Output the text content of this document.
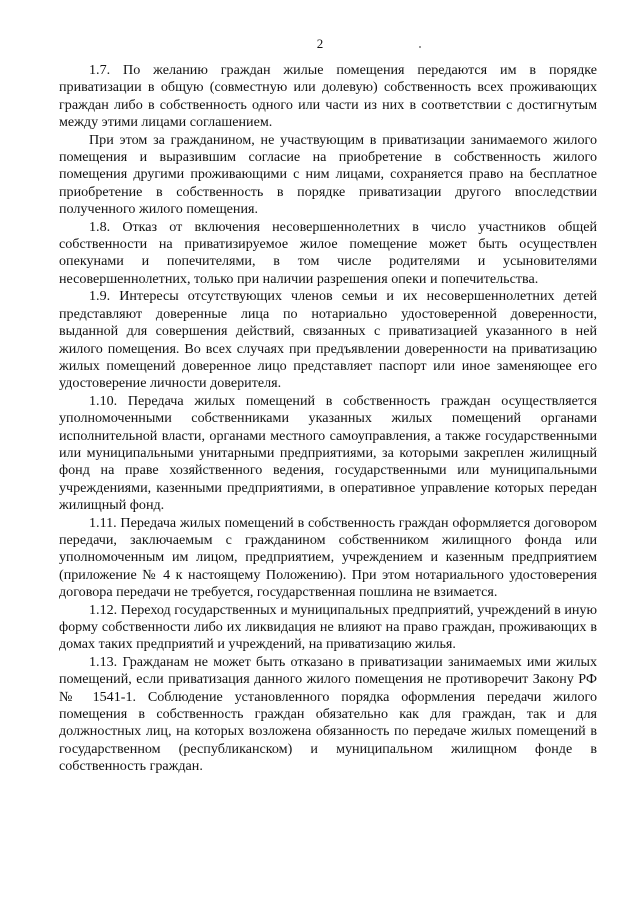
2

1.7. По желанию граждан жилые помещения передаются им в порядке приватизации в общую (совместную или долевую) собственность всех проживающих граждан либо в собственность одного или части из них в соответствии с достигнутым между этими лицами соглашением.

При этом за гражданином, не участвующим в приватизации занимаемого жилого помещения и выразившим согласие на приобретение в собственность жилого помещения другими проживающими с ним лицами, сохраняется право на бесплатное приобретение в собственность в порядке приватизации другого впоследствии полученного жилого помещения.

1.8. Отказ от включения несовершеннолетних в число участников общей собственности на приватизируемое жилое помещение может быть осуществлен опекунами и попечителями, в том числе родителями и усыновителями несовершеннолетних, только при наличии разрешения опеки и попечительства.

1.9. Интересы отсутствующих членов семьи и их несовершеннолетних детей представляют доверенные лица по нотариально удостоверенной доверенности, выданной для совершения действий, связанных с приватизацией указанного в ней жилого помещения. Во всех случаях при предъявлении доверенности на приватизацию жилых помещений доверенное лицо представляет паспорт или иное заменяющее его удостоверение личности доверителя.

1.10. Передача жилых помещений в собственность граждан осуществляется уполномоченными собственниками указанных жилых помещений органами исполнительной власти, органами местного самоуправления, а также государственными или муниципальными унитарными предприятиями, за которыми закреплен жилищный фонд на праве хозяйственного ведения, государственными или муниципальными учреждениями, казенными предприятиями, в оперативное управление которых передан жилищный фонд.

1.11. Передача жилых помещений в собственность граждан оформляется договором передачи, заключаемым с гражданином собственником жилищного фонда или уполномоченным им лицом, предприятием, учреждением и казенным предприятием (приложение № 4 к настоящему Положению). При этом нотариального удостоверения договора передачи не требуется, государственная пошлина не взимается.

1.12. Переход государственных и муниципальных предприятий, учреждений в иную форму собственности либо их ликвидация не влияют на право граждан, проживающих в домах таких предприятий и учреждений, на приватизацию жилья.

1.13. Гражданам не может быть отказано в приватизации занимаемых ими жилых помещений, если приватизация данного жилого помещения не противоречит Закону РФ № 1541-1. Соблюдение установленного порядка оформления передачи жилого помещения в собственность граждан обязательно как для граждан, так и для должностных лиц, на которых возложена обязанность по передаче жилых помещений в государственном (республиканском) и муниципальном жилищном фонде в собственность граждан.
